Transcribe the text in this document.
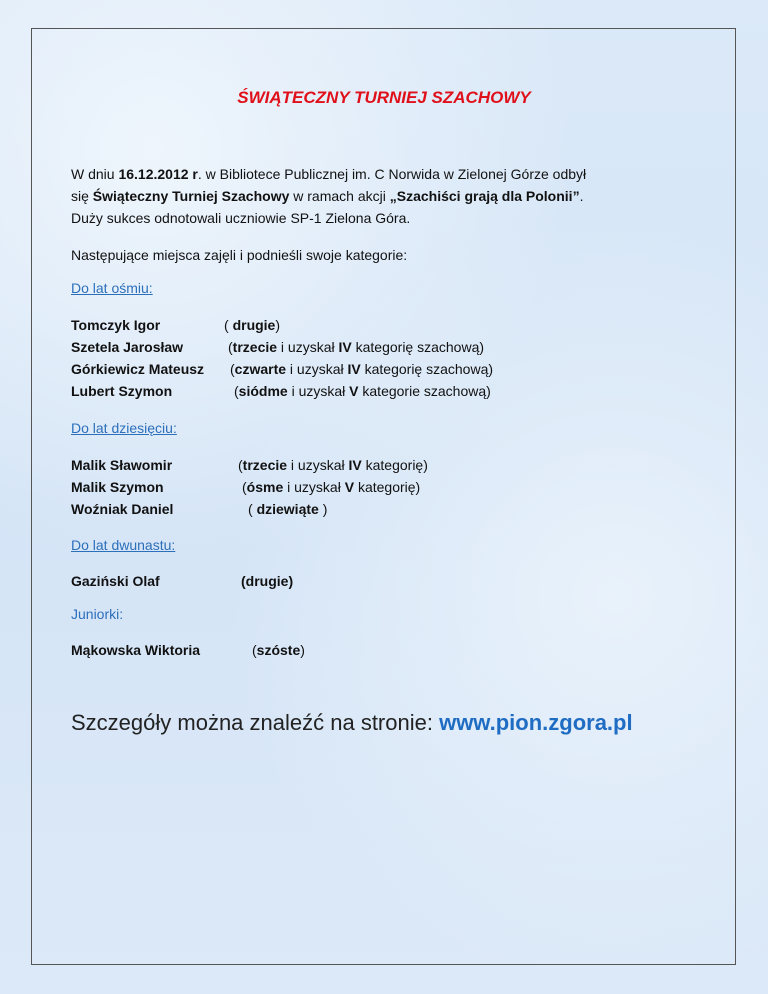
ŚWIĄTECZNY TURNIEJ SZACHOWY

W dniu 16.12.2012 r. w Bibliotece Publicznej im. C Norwida w Zielonej Górze odbył

się Świąteczny Turniej Szachowy w ramach akcji „Szachiści grają dla Polonii”.

Duży sukces odnotowali uczniowie SP-1 Zielona Góra.

Następujące miejsca zajęli i podnieśli swoje kategorie:
Do lat ośmiu:
Tomczyk Igor	( drugie)
Szetela Jarosław	(trzecie i uzyskał IV kategorię szachową)
Górkiewicz Mateusz (czwarte i uzyskał IV kategorię szachową)
Lubert Szymon	(siódme i uzyskał V kategorie szachową)
Do lat dziesięciu:
Malik Sławomir	(trzecie i uzyskał IV kategorię)
Malik Szymon	(ósme i uzyskał V kategorię)
Woźniak Daniel	( dziewiąte )
Do lat dwunastu:
Gaziński Olaf	(drugie)
Juniorki:
Mąkowska Wiktoria	(szóste)
Szczegóły można znaleźć na stronie: www.pion.zgora.pl
